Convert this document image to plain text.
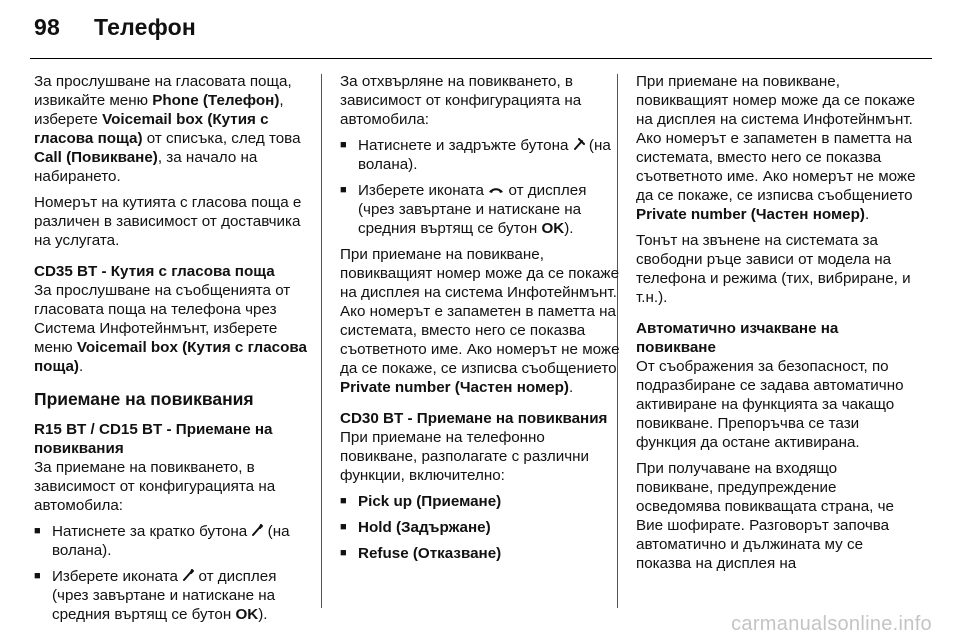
98 Телефон

За прослушване на гласовата поща, извикайте меню Phone (Телефон), изберете Voicemail box (Кутия с гласова поща) от списъка, след това Call (Повикване), за начало на набирането.

Номерът на кутията с гласова поща е различен в зависимост от доставчика на услугата.

CD35 BT - Кутия с гласова поща

За прослушване на съобщенията от гласовата поща на телефона чрез Система Инфотейнмънт, изберете меню Voicemail box (Кутия с гласова поща).

Приемане на повиквания

R15 BT / CD15 BT - Приемане на повиквания

За приемане на повикването, в зависимост от конфигурацията на автомобила:

■ Натиснете за кратко бутона  (на волана).
■ Изберете иконата  от дисплея (чрез завъртане и натискане на средния въртящ се бутон OK).

За отхвърляне на повикването, в зависимост от конфигурацията на автомобила:

■ Натиснете и задръжте бутона  (на волана).
■ Изберете иконата  от дисплея (чрез завъртане и натискане на средния въртящ се бутон OK).

При приемане на повикване, повикващият номер може да се покаже на дисплея на система Инфотейнмънт. Ако номерът е запаметен в паметта на системата, вместо него се показва съответното име. Ако номерът не може да се покаже, се изписва съобщението Private number (Частен номер).

CD30 BT - Приемане на повиквания

При приемане на телефонно повикване, разполагате с различни функции, включително:

■ Pick up (Приемане)
■ Hold (Задържане)
■ Refuse (Отказване)

При приемане на повикване, повикващият номер може да се покаже на дисплея на система Инфотейнмънт. Ако номерът е запаметен в паметта на системата, вместо него се показва съответното име. Ако номерът не може да се покаже, се изписва съобщението Private number (Частен номер).

Тонът на звънене на системата за свободни ръце зависи от модела на телефона и режима (тих, вибриране, и т.н.).

Автоматично изчакване на повикване

От съображения за безопасност, по подразбиране се задава автоматично активиране на функцията за чакащо повикване. Препоръчва се тази функция да остане активирана.

При получаване на входящо повикване, предупреждение осведомява повикващата страна, че Вие шофирате. Разговорът започва автоматично и дължината му се показва на дисплея на

carmanualsonline.info
